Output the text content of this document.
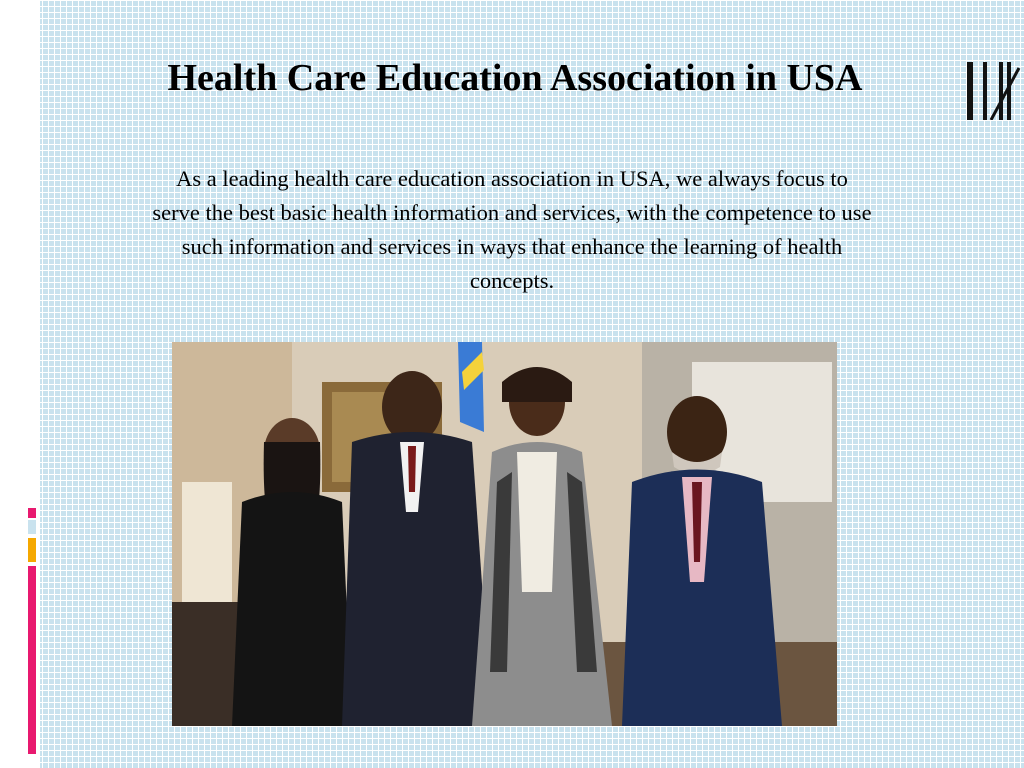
Health Care Education Association in USA

As a leading health care education association in USA, we always focus to serve the best basic health information and services, with the competence to use such information and services in ways that enhance the learning of health concepts.
